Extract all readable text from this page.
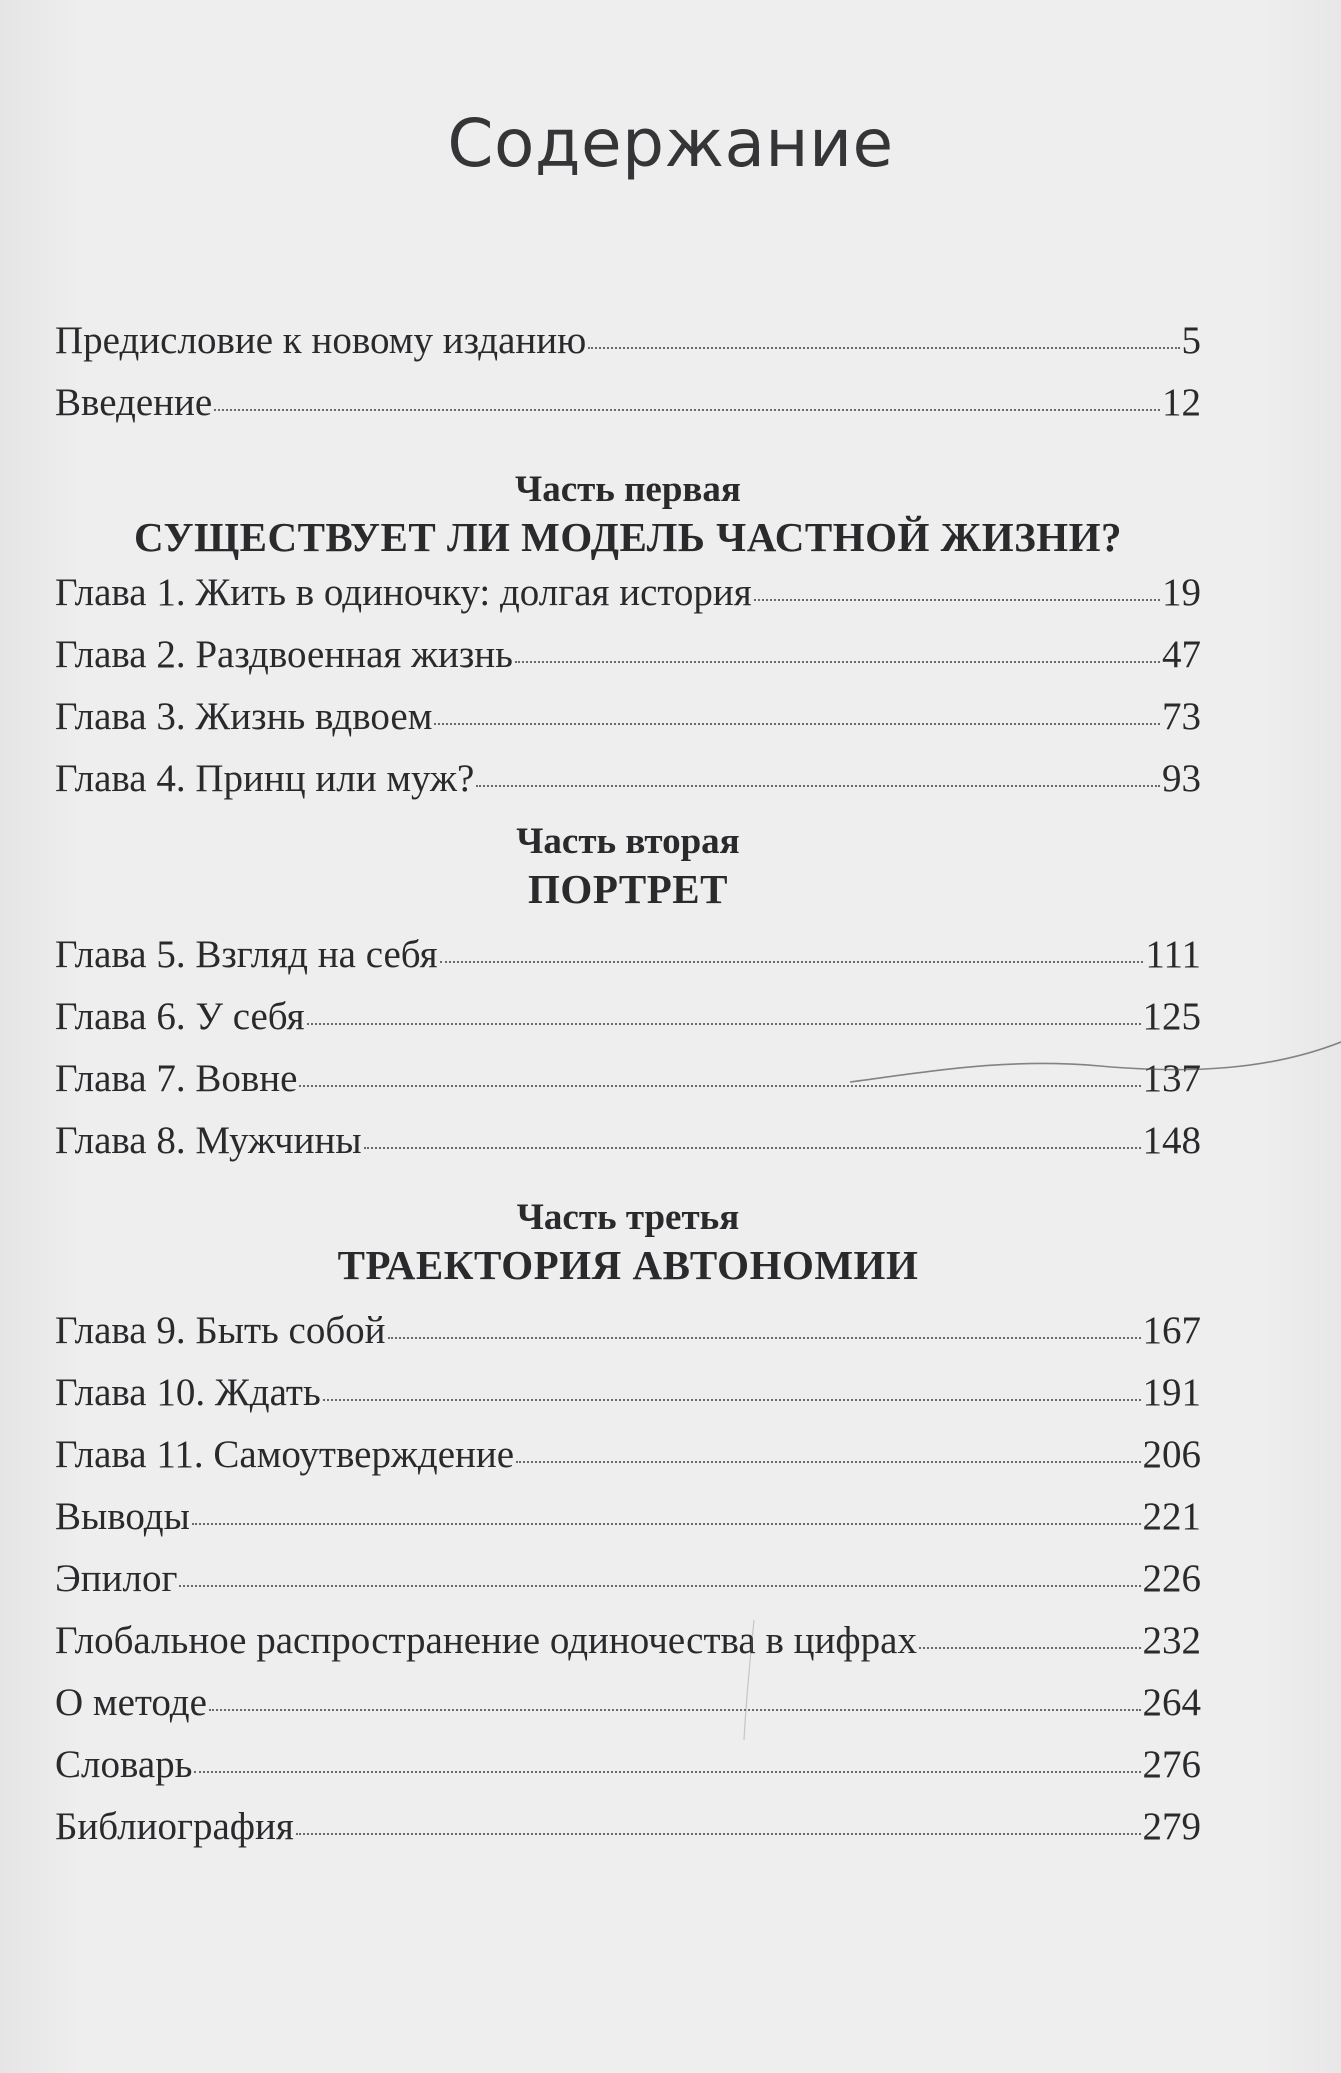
Содержание
Предисловие к новому изданию	5
Введение	12
Часть первая
СУЩЕСТВУЕТ ЛИ МОДЕЛЬ ЧАСТНОЙ ЖИЗНИ?
Глава 1. Жить в одиночку: долгая история	19
Глава 2. Раздвоенная жизнь	47
Глава 3. Жизнь вдвоем	73
Глава 4. Принц или муж?	93
Часть вторая
ПОРТРЕТ
Глава 5. Взгляд на себя	111
Глава 6. У себя	125
Глава 7. Вовне	137
Глава 8. Мужчины	148
Часть третья
ТРАЕКТОРИЯ АВТОНОМИИ
Глава 9. Быть собой	167
Глава 10. Ждать	191
Глава 11. Самоутверждение	206
Выводы	221
Эпилог	226
Глобальное распространение одиночества в цифрах	232
О методе	264
Словарь	276
Библиография	279
